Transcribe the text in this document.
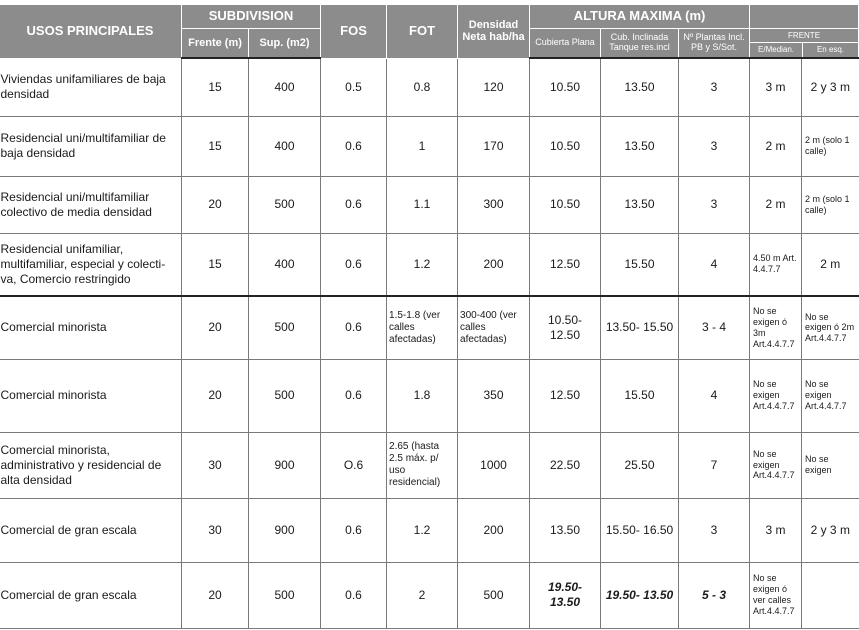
USOS PRINCIPALES	SUBDIVISION		FOS	FOT	Densidad Neta hab/ha	ALTURA MAXIMA (m)				
	Frente (m)	Sup. (m2)				Cubierta Plana	Cub. Inclinada Tanque res.incl	Nº Plantas Incl. PB y S/Sot.	FRENTE
E/Median. En esq.	

Viviendas unifamiliares de baja densidad	15	400	0.5	0.8	120	10.50	13.50	3	3 m	2 y 3 m
Residencial uni/multifamiliar de baja densidad	15	400	0.6	1	170	10.50	13.50	3	2 m	2 m (solo 1 calle)
Residencial uni/multifamiliar colectivo de media densidad	20	500	0.6	1.1	300	10.50	13.50	3	2 m	2 m (solo 1 calle)
Residencial unifamiliar, multifamiliar, especial y colecti- va, Comercio restringido	15	400	0.6	1.2	200	12.50	15.50	4	4.50 m Art. 4.4.7.7	2 m
Comercial minorista	20	500	0.6	1.5-1.8 (ver calles afectadas)	300-400 (ver calles afectadas)	10.50- 12.50	13.50- 15.50	3 - 4	No se exigen ó 3m Art.4.4.7.7	No se exigen ó 2m Art.4.4.7.7
Comercial minorista	20	500	0.6	1.8	350	12.50	15.50	4	No se exigen Art.4.4.7.7	No se exigen Art.4.4.7.7
Comercial minorista, administrativo y residencial de alta densidad	30	900	O.6	2.65 (hasta 2.5 máx. p/ uso residencial)	1000	22.50	25.50	7	No se exigen Art.4.4.7.7	No se exigen
Comercial de gran escala	30	900	0.6	1.2	200	13.50	15.50- 16.50	3	3 m	2 y 3 m
Comercial de gran escala	20	500	0.6	2	500	19.50- 13.50	19.50- 13.50	5 - 3	No se exigen ó ver calles Art.4.4.7.7	
